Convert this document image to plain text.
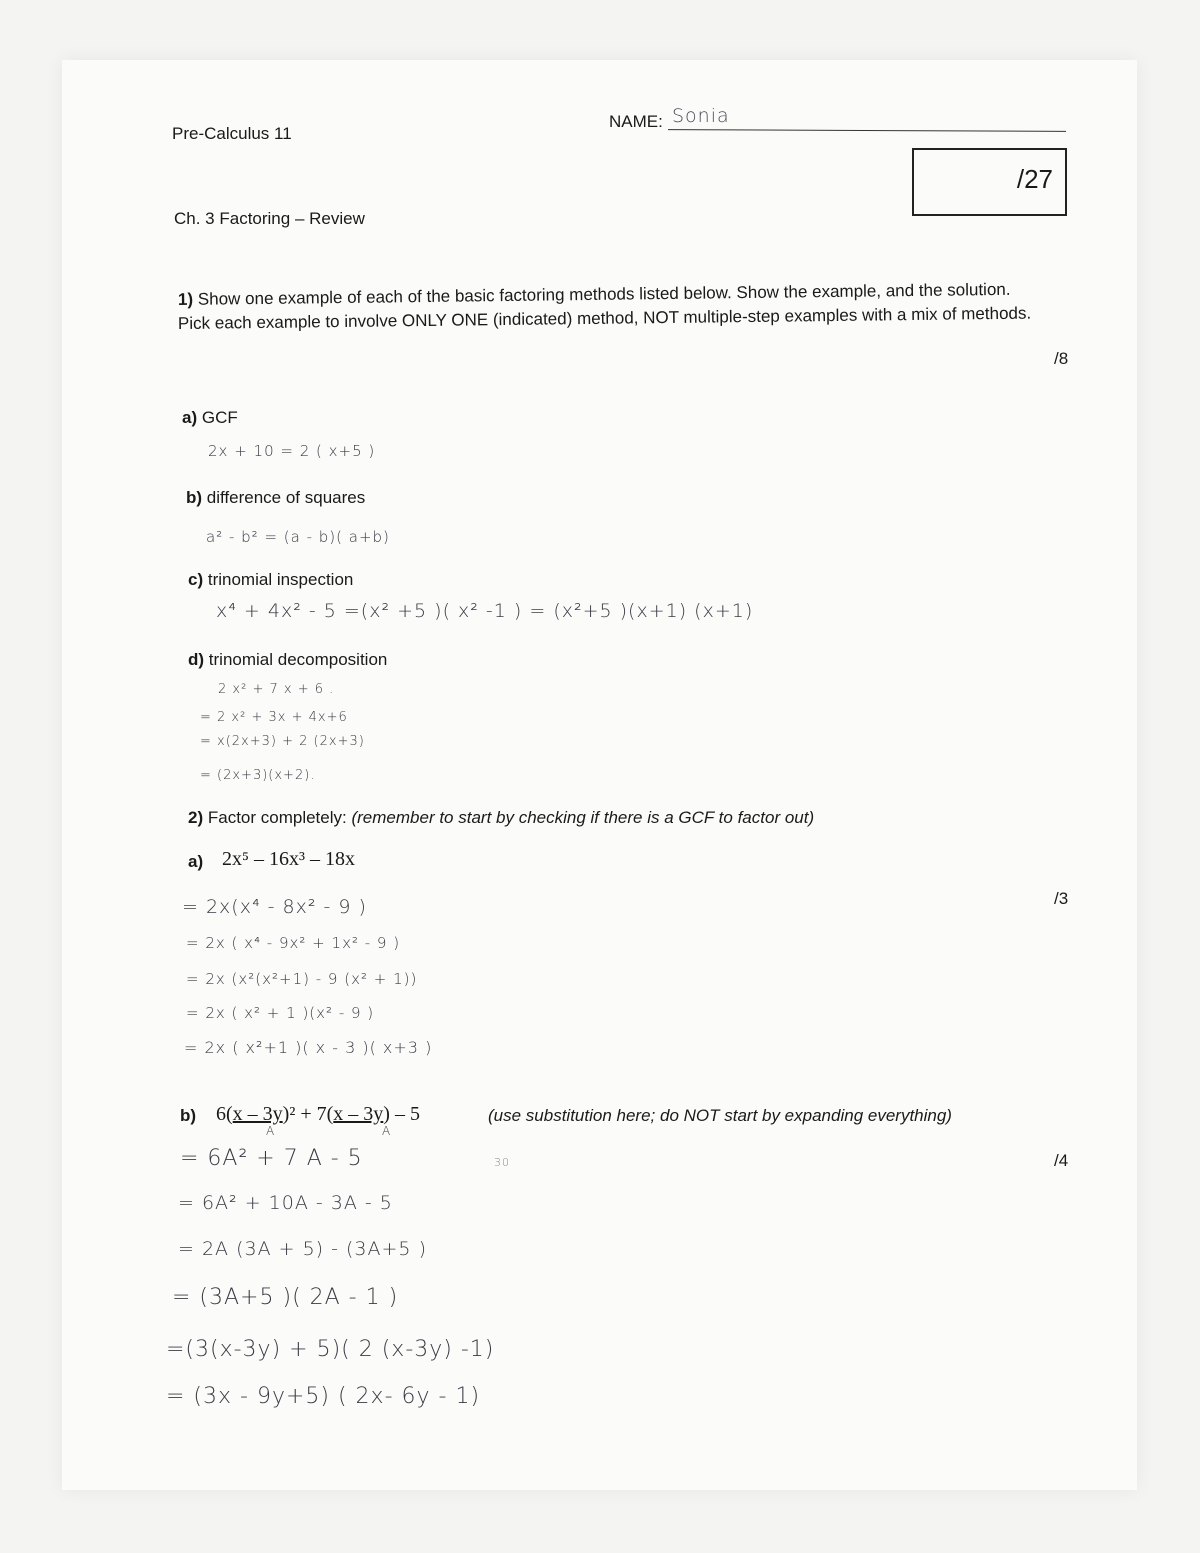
Pre-Calculus 11
NAME: Sonia
/27
Ch. 3 Factoring – Review
1) Show one example of each of the basic factoring methods listed below. Show the example, and the solution.
Pick each example to involve ONLY ONE (indicated) method, NOT multiple-step examples with a mix of methods.
/8
a) GCF
2x + 10 = 2 ( x+5 )
b) difference of squares
a² - b² = (a - b)( a+b)
c) trinomial inspection
x⁴ + 4x² - 5 =(x² +5 )( x² -1 ) = (x²+5 )(x+1) (x+1)
d) trinomial decomposition
2 x² + 7 x + 6 .
= 2 x² + 3x + 4x+6
= x(2x+3) + 2 (2x+3)
= (2x+3)(x+2).
2) Factor completely: (remember to start by checking if there is a GCF to factor out)
a) 2x⁵ – 16x³ – 18x
/3
= 2x(x⁴ - 8x² - 9 )
= 2x ( x⁴ - 9x² + 1x² - 9 )
= 2x (x²(x²+1) - 9 (x² + 1))
= 2x ( x² + 1 )(x² - 9 )
= 2x ( x²+1 )( x - 3 )( x+3 )
b) 6(x – 3y)² + 7(x – 3y) – 5	(use substitution here; do NOT start by expanding everything)
A	A
30	/4
= 6A² + 7 A - 5
= 6A² + 10A - 3A - 5
= 2A (3A + 5) - (3A+5 )
= (3A+5 )( 2A - 1 )
=(3(x-3y) + 5)( 2 (x-3y) -1)
= (3x - 9y+5) ( 2x- 6y - 1)
